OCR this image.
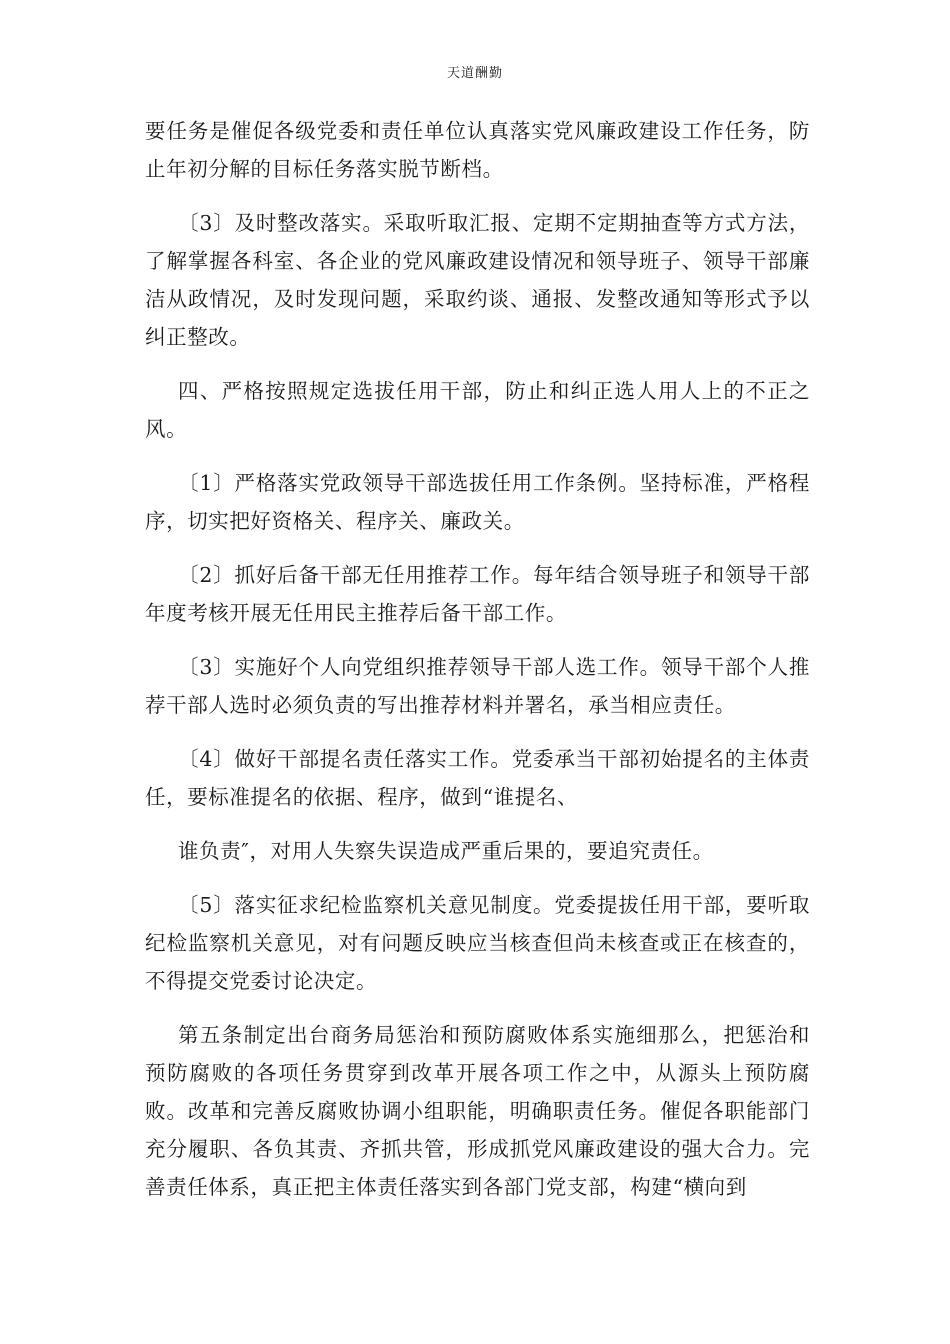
天道酬勤

要任务是催促各级党委和责任单位认真落实党风廉政建设工作任务，防止年初分解的目标任务落实脱节断档。

〔3〕及时整改落实。采取听取汇报、定期不定期抽查等方式方法，了解掌握各科室、各企业的党风廉政建设情况和领导班子、领导干部廉洁从政情况，及时发现问题，采取约谈、通报、发整改通知等形式予以纠正整改。

四、严格按照规定选拔任用干部，防止和纠正选人用人上的不正之风。

〔1〕严格落实党政领导干部选拔任用工作条例。坚持标准，严格程序，切实把好资格关、程序关、廉政关。

〔2〕抓好后备干部无任用推荐工作。每年结合领导班子和领导干部年度考核开展无任用民主推荐后备干部工作。

〔3〕实施好个人向党组织推荐领导干部人选工作。领导干部个人推荐干部人选时必须负责的写出推荐材料并署名，承当相应责任。

〔4〕做好干部提名责任落实工作。党委承当干部初始提名的主体责任，要标准提名的依据、程序，做到“谁提名、

谁负责″，对用人失察失误造成严重后果的，要追究责任。

〔5〕落实征求纪检监察机关意见制度。党委提拔任用干部，要听取纪检监察机关意见，对有问题反映应当核查但尚未核查或正在核查的，不得提交党委讨论决定。

第五条制定出台商务局惩治和预防腐败体系实施细那么，把惩治和预防腐败的各项任务贯穿到改革开展各项工作之中，从源头上预防腐败。改革和完善反腐败协调小组职能，明确职责任务。催促各职能部门充分履职、各负其责、齐抓共管，形成抓党风廉政建设的强大合力。完善责任体系，真正把主体责任落实到各部门党支部，构建“横向到
